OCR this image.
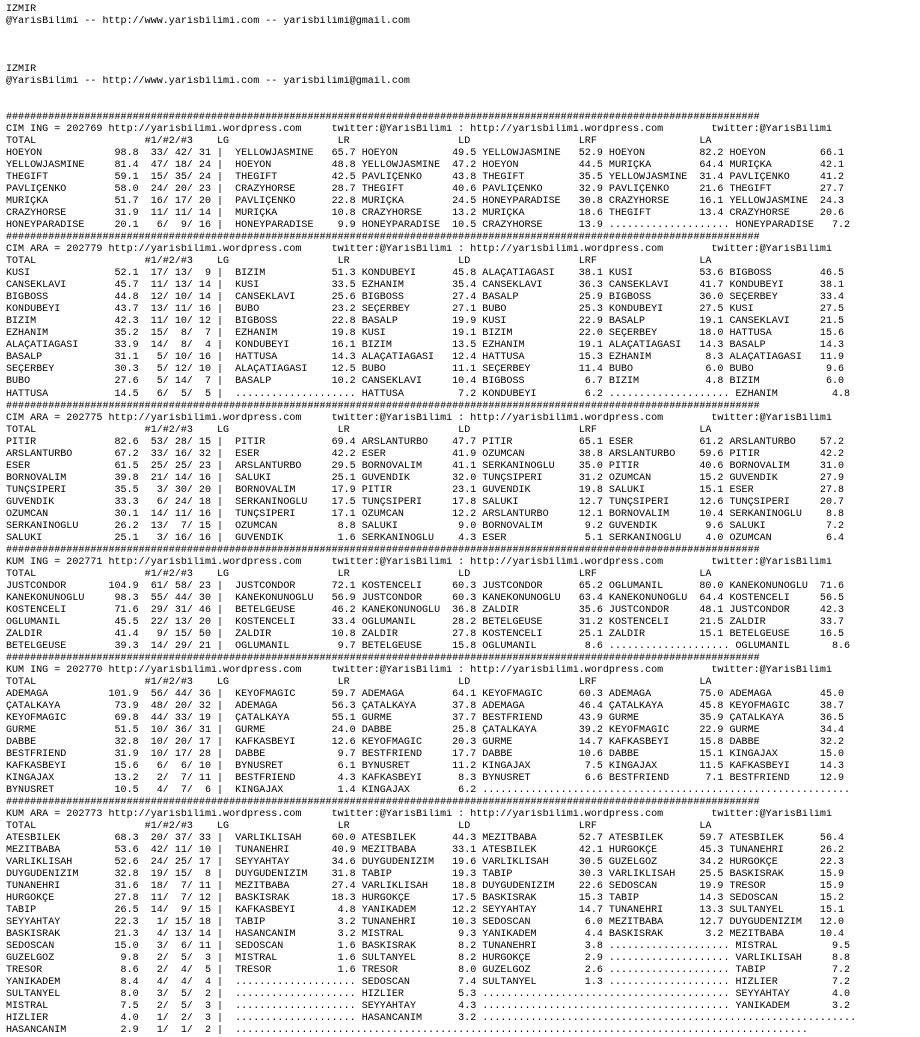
IZMIR
@YarisBilimi -- http://www.yarisbilimi.com -- yarisbilimi@gmail.com

IZMIR
@YarisBilimi -- http://www.yarisbilimi.com -- yarisbilimi@gmail.com

#############################################################################################################################
CIM ING = 202769 http://yarisbilimi.wordpress.com     twitter:@YarisBilimi : http://yarisbilimi.wordpress.com        twitter:@YarisBilimi
TOTAL                  #1/#2/#3    LG                  LR                  LD                  LRF                 LA
HOEYON            98.8  33/ 42/ 31 |  YELLOWJASMINE   65.7 HOEYON         49.5 YELLOWJASMINE   52.9 HOEYON         82.2 HOEYON         66.1
YELLOWJASMINE     81.4  47/ 18/ 24 |  HOEYON          48.8 YELLOWJASMINE  47.2 HOEYON          44.5 MURIÇKA        64.4 MURIÇKA        42.1
THEGIFT           59.1  15/ 35/ 24 |  THEGIFT         42.5 PAVLIÇENKO     43.8 THEGIFT         35.5 YELLOWJASMINE  31.4 PAVLIÇENKO     41.2
PAVLIÇENKO        58.0  24/ 20/ 23 |  CRAZYHORSE      28.7 THEGIFT        40.6 PAVLIÇENKO      32.9 PAVLIÇENKO     21.6 THEGIFT        27.7
MURIÇKA           51.7  16/ 17/ 20 |  PAVLIÇENKO      22.8 MURIÇKA        24.5 HONEYPARADISE   30.8 CRAZYHORSE     16.1 YELLOWJASMINE  24.3
CRAZYHORSE        31.9  11/ 11/ 14 |  MURIÇKA         10.8 CRAZYHORSE     13.2 MURIÇKA         18.6 THEGIFT        13.4 CRAZYHORSE     20.6
HONEYPARADISE     20.1   6/  9/ 16 |  HONEYPARADISE    9.9 HONEYPARADISE  10.5 CRAZYHORSE      13.9 .................... HONEYPARADISE   7.2
#############################################################################################################################
CIM ARA = 202779 http://yarisbilimi.wordpress.com     twitter:@YarisBilimi : http://yarisbilimi.wordpress.com        twitter:@YarisBilimi
TOTAL                  #1/#2/#3    LG                  LR                  LD                  LRF                 LA
KÜSI              52.1  17/ 13/  9 |  BIZIM           51.3 KONDUBEYI      45.8 ALAÇATIAGASI    38.1 KÜSI           53.6 BIGBOSS        46.5
CANSEKLAVI        45.7  11/ 13/ 14 |  KÜSI            33.5 EZHANIM        35.4 CANSEKLAVI      36.3 CANSEKLAVI     41.7 KONDUBEYI      38.1
BIGBOSS           44.8  12/ 10/ 14 |  CANSEKLAVI      25.6 BIGBOSS        27.4 BASALP          25.9 BIGBOSS        36.0 SEÇERBEY       33.4
KONDUBEYI         43.7  13/ 11/ 16 |  BUBO            23.2 SEÇERBEY       27.1 BUBO            25.3 KONDUBEYI      27.5 KÜSI           27.5
BIZIM             42.3  11/ 10/ 12 |  BIGBOSS         22.8 BASALP         19.9 KÜSI            22.9 BASALP         19.1 CANSEKLAVI     21.5
EZHANIM           35.2  15/  8/  7 |  EZHANIM         19.8 KÜSI           19.1 BIZIM           22.0 SEÇERBEY       18.0 HATTUSA        15.6
ALAÇATIAGASI      33.9  14/  8/  4 |  KONDUBEYI       16.1 BIZIM          13.5 EZHANIM         19.1 ALAÇATIAGASI   14.3 BASALP         14.3
BASALP            31.1   5/ 10/ 16 |  HATTUSA         14.3 ALAÇATIAGASI   12.4 HATTUSA         15.3 EZHANIM         8.3 ALAÇATIAGASI   11.9
SEÇERBEY          30.3   5/ 12/ 10 |  ALAÇATIAGASI    12.5 BUBO           11.1 SEÇERBEY        11.4 BUBO            6.0 BUBO            9.6
BUBO              27.6   5/ 14/  7 |  BASALP          10.2 CANSEKLAVI     10.4 BIGBOSS          6.7 BIZIM           4.8 BIZIM           6.0
HATTUSA           14.5   6/  5/  5 |  .................... HATTUSA         7.2 KONDUBEYI        6.2 .................... EZHANIM         4.8
#############################################################################################################################
CIM ARA = 202775 http://yarisbilimi.wordpress.com     twitter:@YarisBilimi : http://yarisbilimi.wordpress.com        twitter:@YarisBilimi
TOTAL                  #1/#2/#3    LG                  LR                  LD                  LRF                 LA
PITIR             82.6  53/ 28/ 15 |  PITIR           69.4 ARSLANTURBO    47.7 PITIR           65.1 ESER           61.2 ARSLANTURBO    57.2
ARSLANTURBO       67.2  33/ 16/ 32 |  ESER            42.2 ESER           41.9 ÖZÜMCAN         38.8 ARSLANTURBO    59.6 PITIR          42.2
ESER              61.5  25/ 25/ 23 |  ARSLANTURBO     29.5 BORNOVALIM     41.1 SERKANINOGLU    35.0 PITIR          40.6 BORNOVALIM     31.0
BORNOVALIM        39.8  21/ 14/ 16 |  SALUKI          25.1 GÜVENDIK       32.0 TUNÇSIPERI      31.2 ÖZÜMCAN        15.2 GÜVENDIK       27.9
TUNÇSIPERI        35.5   3/ 30/ 20 |  BORNOVALIM      17.9 PITIR          23.1 GÜVENDIK        19.8 SALUKI         15.1 ESER           27.8
GÜVENDIK          33.3   6/ 24/ 18 |  SERKANINOGLU    17.5 TUNÇSIPERI     17.8 SALUKI          12.7 TUNÇSIPERI     12.6 TUNÇSIPERI     20.7
ÖZÜMCAN           30.1  14/ 11/ 16 |  TUNÇSIPERI      17.1 ÖZÜMCAN        12.2 ARSLANTURBO     12.1 BORNOVALIM     10.4 SERKANINOGLU    8.8
SERKANINOGLU      26.2  13/  7/ 15 |  ÖZÜMCAN          8.8 SALUKI          9.0 BORNOVALIM       9.2 GÜVENDIK        9.6 SALUKI          7.2
SALUKI            25.1   3/ 16/ 16 |  GÜVENDIK         1.6 SERKANINOGLU    4.3 ESER             5.1 SERKANINOGLU    4.0 ÖZÜMCAN         6.4
#############################################################################################################################
KUM ING = 202771 http://yarisbilimi.wordpress.com     twitter:@YarisBilimi : http://yarisbilimi.wordpress.com        twitter:@YarisBilimi
TOTAL                  #1/#2/#3    LG                  LR                  LD                  LRF                 LA
JUSTCONDOR       104.9  61/ 58/ 23 |  JUSTCONDOR      72.1 KÖSTENCELI     60.3 JUSTCONDOR      65.2 OGLUMANIL      80.0 KANEKONUNOGLU  71.6
KANEKONUNOGLU     98.3  55/ 44/ 30 |  KANEKONUNOGLU   56.9 JUSTCONDOR     60.3 KANEKONUNOGLU   63.4 KANEKONUNOGLU  64.4 KÖSTENCELI     56.5
KÖSTENCELI        71.6  29/ 31/ 46 |  BETELGEUSE      46.2 KANEKONUNOGLU  36.8 ZALDIR          35.6 JUSTCONDOR     48.1 JUSTCONDOR     42.3
OGLUMANIL         45.5  22/ 13/ 20 |  KÖSTENCELI      33.4 OGLUMANIL      28.2 BETELGEUSE      31.2 KÖSTENCELI     21.5 ZALDIR         33.7
ZALDIR            41.4   9/ 15/ 50 |  ZALDIR          10.8 ZALDIR         27.8 KÖSTENCELI      25.1 ZALDIR         15.1 BETELGEUSE     16.5
BETELGEUSE        39.3  14/ 29/ 21 |  OGLUMANIL        9.7 BETELGEUSE     15.8 OGLUMANIL        8.6 .................... OGLUMANIL       8.6
#############################################################################################################################
KUM ING = 202770 http://yarisbilimi.wordpress.com     twitter:@YarisBilimi : http://yarisbilimi.wordpress.com        twitter:@YarisBilimi
TOTAL                  #1/#2/#3    LG                  LR                  LD                  LRF                 LA
ADEMAGA          101.9  56/ 44/ 36 |  KEYOFMAGIC      59.7 ADEMAGA        64.1 KEYOFMAGIC      60.3 ADEMAGA        75.0 ADEMAGA        45.0
ÇATALKAYA         73.9  48/ 20/ 32 |  ADEMAGA         56.3 ÇATALKAYA      37.8 ADEMAGA         46.4 ÇATALKAYA      45.8 KEYOFMAGIC     38.7
KEYOFMAGIC        69.8  44/ 33/ 19 |  ÇATALKAYA       55.1 GURME          37.7 BESTFRIEND      43.9 GURME          35.9 ÇATALKAYA      36.5
GURME             51.5  10/ 36/ 31 |  GURME           24.0 DABBE          25.8 ÇATALKAYA       39.2 KEYOFMAGIC     22.9 GURME          34.4
DABBE             32.8  10/ 20/ 17 |  KAFKASBEYI      12.6 KEYOFMAGIC     20.3 GURME           14.7 KAFKASBEYI     15.8 DABBE          32.2
BESTFRIEND        31.9  10/ 17/ 28 |  DABBE            9.7 BESTFRIEND     17.7 DABBE           10.6 DABBE          15.1 KINGAJAX       15.0
KAFKASBEYI        15.6   6/  6/ 10 |  BYNUSRET         6.1 BYNUSRET       11.2 KINGAJAX         7.5 KINGAJAX       11.5 KAFKASBEYI     14.3
KINGAJAX          13.2   2/  7/ 11 |  BESTFRIEND       4.3 KAFKASBEYI      8.3 BYNUSRET         6.6 BESTFRIEND      7.1 BESTFRIEND     12.9
BYNUSRET          10.5   4/  7/  6 |  KINGAJAX         1.4 KINGAJAX        6.2 .............................................................
#############################################################################################################################
KUM ARA = 202773 http://yarisbilimi.wordpress.com     twitter:@YarisBilimi : http://yarisbilimi.wordpress.com        twitter:@YarisBilimi
TOTAL                  #1/#2/#3    LG                  LR                  LD                  LRF                 LA
ATESBILEK         68.3  20/ 37/ 33 |  VARLIKLISAH     60.0 ATESBILEK      44.3 MEZITBABA       52.7 ATESBILEK      59.7 ATESBILEK      56.4
MEZITBABA         53.6  42/ 11/ 10 |  TUNANEHRI       40.9 MEZITBABA      33.1 ATESBILEK       42.1 HÜRGÖKÇE       45.3 TUNANEHRI      26.2
VARLIKLISAH       52.6  24/ 25/ 17 |  SEYYAHTAY       34.6 DUYGUDENIZIM   19.6 VARLIKLISAH     30.5 GÜZELGÖZ       34.2 HÜRGÖKÇE       22.3
DUYGUDENIZIM      32.8  19/ 15/  8 |  DUYGUDENIZIM    31.8 TABIP          19.3 TABIP           30.3 VARLIKLISAH    25.5 BASKISRAK      15.9
TUNANEHRI         31.6  18/  7/ 11 |  MEZITBABA       27.4 VARLIKLISAH    18.8 DUYGUDENIZIM    22.6 SEDOSCAN       19.9 TRESOR         15.9
HÜRGÖKÇE          27.8  11/  7/ 12 |  BASKISRAK       18.3 HÜRGÖKÇE       17.5 BASKISRAK       15.3 TABIP          14.3 SEDOSCAN       15.2
TABIP             26.5  14/  9/ 15 |  KAFKASBEYI       4.8 YANIKADEM      12.2 SEYYAHTAY       14.7 TUNANEHRI      13.3 SULTANYEL      15.1
SEYYAHTAY         22.3   1/ 15/ 18 |  TABIP            3.2 TUNANEHRI      10.3 SEDOSCAN         6.0 MEZITBABA      12.7 DUYGUDENIZIM   12.0
BASKISRAK         21.3   4/ 13/ 14 |  HASANCANIM       3.2 MISTRAL         9.3 YANIKADEM        4.4 BASKISRAK       3.2 MEZITBABA      10.4
SEDOSCAN          15.0   3/  6/ 11 |  SEDOSCAN         1.6 BASKISRAK       8.2 TUNANEHRI        3.8 .................... MISTRAL         9.5
GÜZELGÖZ           9.8   2/  5/  3 |  MISTRAL          1.6 SULTANYEL       8.2 HÜRGÖKÇE         2.9 .................... VARLIKLISAH     8.8
TRESOR             8.6   2/  4/  5 |  TRESOR           1.6 TRESOR          8.0 GÜZELGÖZ         2.6 .................... TABIP           7.2
YANIKADEM          8.4   4/  4/  4 |  .................... SEDOSCAN        7.4 SULTANYEL        1.3 .................... HIZLIER         7.2
SULTANYEL          8.0   3/  5/  2 |  .................... HIZLIER         5.3 ......................................... SEYYAHTAY       4.0
MISTRAL            7.5   2/  5/  3 |  .................... SEYYAHTAY       4.3 ......................................... YANIKADEM       3.2
HIZLIER            4.0   1/  2/  3 |  .................... HASANCANIM      3.2 ..............................................................
HASANCANIM         2.9   1/  1/  2 |  ...............................................................................................
